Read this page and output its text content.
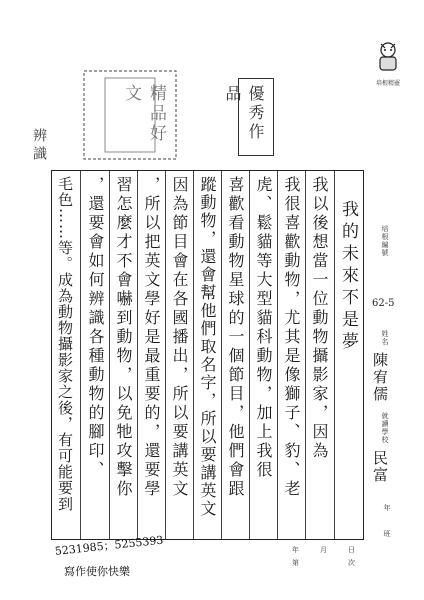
培根精靈
精品好文	優秀作品
辨識
我的未來不是夢
我以後想當一位動物攝影家，因為
我很喜歡動物，尤其是像獅子、豹、老
虎、鬆貓等大型貓科動物，加上我很
喜歡看動物星球的一個節目，他們會跟
蹤動物，還會幫他們取名字，所以要講英文
因為節目會在各國播出，所以要講英文
，所以把英文學好是最重要的，還要學
習怎麼才不會嚇到動物，以免牠攻擊你
，還要會如何辨識各種動物的腳印、
毛色……等。成為動物攝影家之後，有可能要到	培根編號
62-5
姓名
陳宥儒
就讀學校
民富
年
班
5231985；5255393
寫作使你快樂
年	月	日
第	次
